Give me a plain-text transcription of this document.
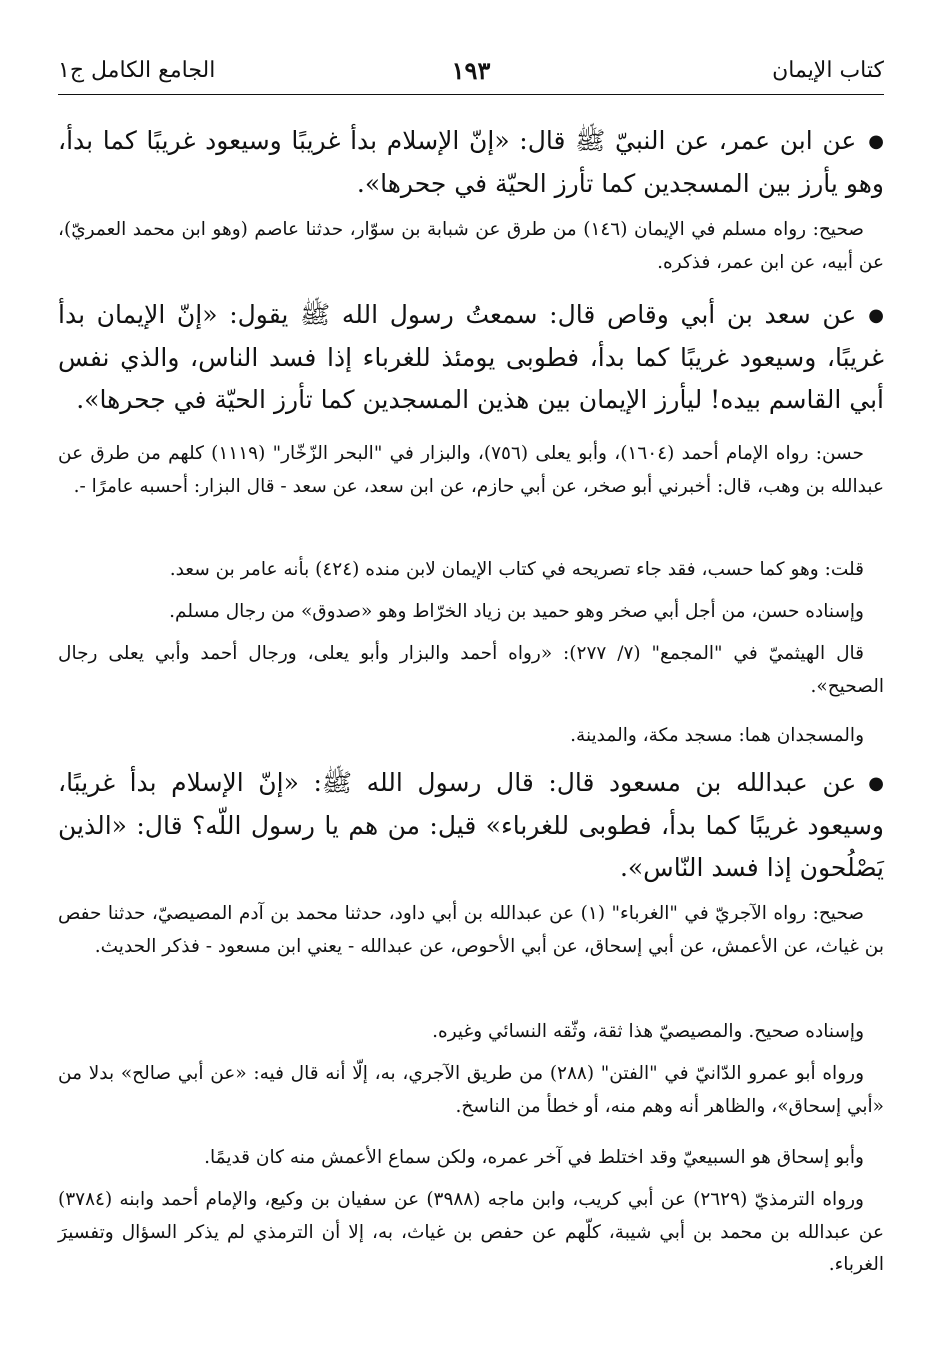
كتاب الإيمان
١٩٣
الجامع الكامل ج١

●عن ابن عمر، عن النبيّ ﷺ قال: «إنّ الإسلام بدأ غريبًا وسيعود غريبًا كما بدأ، وهو يأرز بين المسجدين كما تأرز الحيّة في جحرها».

صحيح: رواه مسلم في الإيمان (١٤٦) من طرق عن شبابة بن سوّار، حدثنا عاصم (وهو ابن محمد العمريّ)، عن أبيه، عن ابن عمر، فذكره.

●عن سعد بن أبي وقاص قال: سمعتُ رسول الله ﷺ يقول: «إنّ الإيمان بدأ غريبًا، وسيعود غريبًا كما بدأ، فطوبى يومئذ للغرباء إذا فسد الناس، والذي نفس أبي القاسم بيده! ليأرز الإيمان بين هذين المسجدين كما تأرز الحيّة في جحرها».

حسن: رواه الإمام أحمد (١٦٠٤)، وأبو يعلى (٧٥٦)، والبزار في "البحر الزّخّار" (١١١٩) كلهم من طرق عن عبدالله بن وهب، قال: أخبرني أبو صخر، عن أبي حازم، عن ابن سعد، عن سعد - قال البزار: أحسبه عامرًا -.

قلت: وهو كما حسب، فقد جاء تصريحه في كتاب الإيمان لابن منده (٤٢٤) بأنه عامر بن سعد.

وإسناده حسن، من أجل أبي صخر وهو حميد بن زياد الخرّاط وهو «صدوق» من رجال مسلم.

قال الهيثميّ في "المجمع" (٧/ ٢٧٧): «رواه أحمد والبزار وأبو يعلى، ورجال أحمد وأبي يعلى رجال الصحيح».

والمسجدان هما: مسجد مكة، والمدينة.

●عن عبدالله بن مسعود قال: قال رسول الله ﷺ: «إنّ الإسلام بدأ غريبًا، وسيعود غريبًا كما بدأ، فطوبى للغرباء» قيل: من هم يا رسول اللّه؟ قال: «الذين يَصْلُحون إذا فسد النّاس».

صحيح: رواه الآجريّ في "الغرباء" (١) عن عبدالله بن أبي داود، حدثنا محمد بن آدم المصيصيّ، حدثنا حفص بن غياث، عن الأعمش، عن أبي إسحاق، عن أبي الأحوص، عن عبدالله - يعني ابن مسعود - فذكر الحديث.

وإسناده صحيح. والمصيصيّ هذا ثقة، وثّقه النسائي وغيره.

ورواه أبو عمرو الدّانيّ في "الفتن" (٢٨٨) من طريق الآجري، به، إلّا أنه قال فيه: «عن أبي صالح» بدلا من «أبي إسحاق»، والظاهر أنه وهم منه، أو خطأ من الناسخ.

وأبو إسحاق هو السبيعيّ وقد اختلط في آخر عمره، ولكن سماع الأعمش منه كان قديمًا.

ورواه الترمذيّ (٢٦٢٩) عن أبي كريب، وابن ماجه (٣٩٨٨) عن سفيان بن وكيع، والإمام أحمد وابنه (٣٧٨٤) عن عبدالله بن محمد بن أبي شيبة، كلّهم عن حفص بن غياث، به، إلا أن الترمذي لم يذكر السؤال وتفسيرَ الغرباء.
